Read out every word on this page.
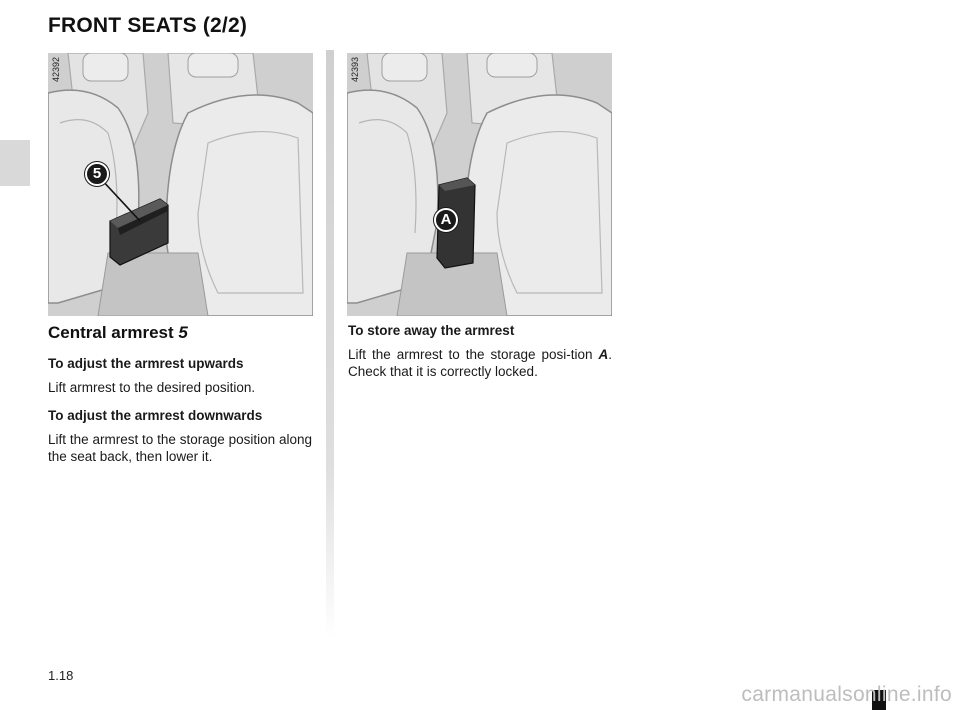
FRONT SEATS (2/2)
42392
5
42393
A
Central armrest 5

To adjust the armrest upwards

Lift armrest to the desired position.

To adjust the armrest downwards

Lift the armrest to the storage position along the seat back, then lower it.

To store away the armrest

Lift the armrest to the storage posi-tion A. Check that it is correctly locked.

1.18
carmanualsonline.info
